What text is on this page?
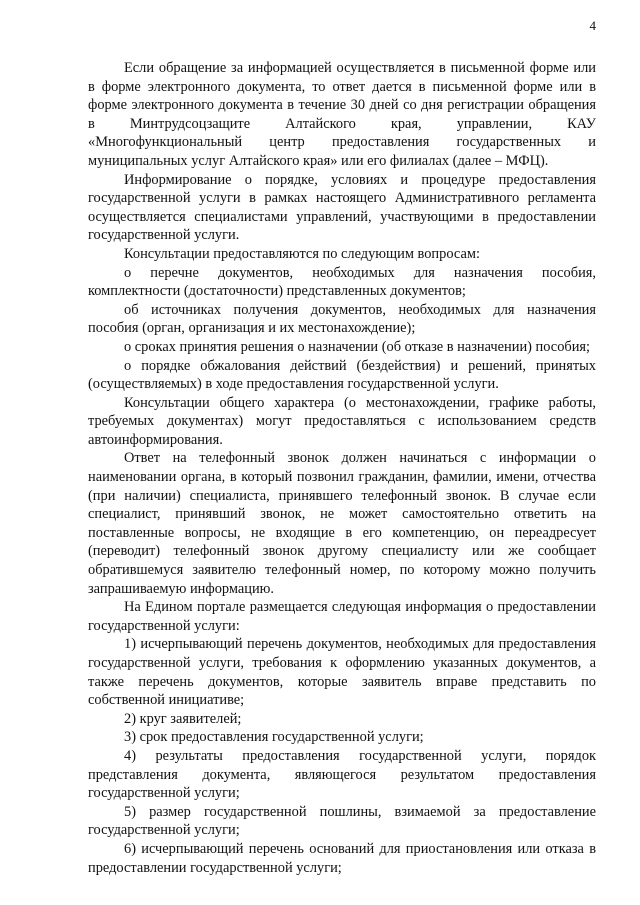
4

Если обращение за информацией осуществляется в письменной форме или в форме электронного документа, то ответ дается в письменной форме или в форме электронного документа в течение 30 дней со дня регистрации обращения в Минтрудсоцзащите Алтайского края, управлении, КАУ «Многофункциональный центр предоставления государственных и муниципальных услуг Алтайского края» или его филиалах (далее – МФЦ).

Информирование о порядке, условиях и процедуре предоставления государственной услуги в рамках настоящего Административного регламента осуществляется специалистами управлений, участвующими в предоставлении государственной услуги.

Консультации предоставляются по следующим вопросам:

о перечне документов, необходимых для назначения пособия, комплектности (достаточности) представленных документов;

об источниках получения документов, необходимых для назначения пособия (орган, организация и их местонахождение);

о сроках принятия решения о назначении (об отказе в назначении) пособия;

о порядке обжалования действий (бездействия) и решений, принятых (осуществляемых) в ходе предоставления государственной услуги.

Консультации общего характера (о местонахождении, графике работы, требуемых документах) могут предоставляться с использованием средств автоинформирования.

Ответ на телефонный звонок должен начинаться с информации о наименовании органа, в который позвонил гражданин, фамилии, имени, отчества (при наличии) специалиста, принявшего телефонный звонок. В случае если специалист, принявший звонок, не может самостоятельно ответить на поставленные вопросы, не входящие в его компетенцию, он переадресует (переводит) телефонный звонок другому специалисту или же сообщает обратившемуся заявителю телефонный номер, по которому можно получить запрашиваемую информацию.

На Едином портале размещается следующая информация о предоставлении государственной услуги:

1) исчерпывающий перечень документов, необходимых для предоставления государственной услуги, требования к оформлению указанных документов, а также перечень документов, которые заявитель вправе представить по собственной инициативе;

2) круг заявителей;

3) срок предоставления государственной услуги;

4) результаты предоставления государственной услуги, порядок представления документа, являющегося результатом предоставления государственной услуги;

5) размер государственной пошлины, взимаемой за предоставление государственной услуги;

6) исчерпывающий перечень оснований для приостановления или отказа в предоставлении государственной услуги;
